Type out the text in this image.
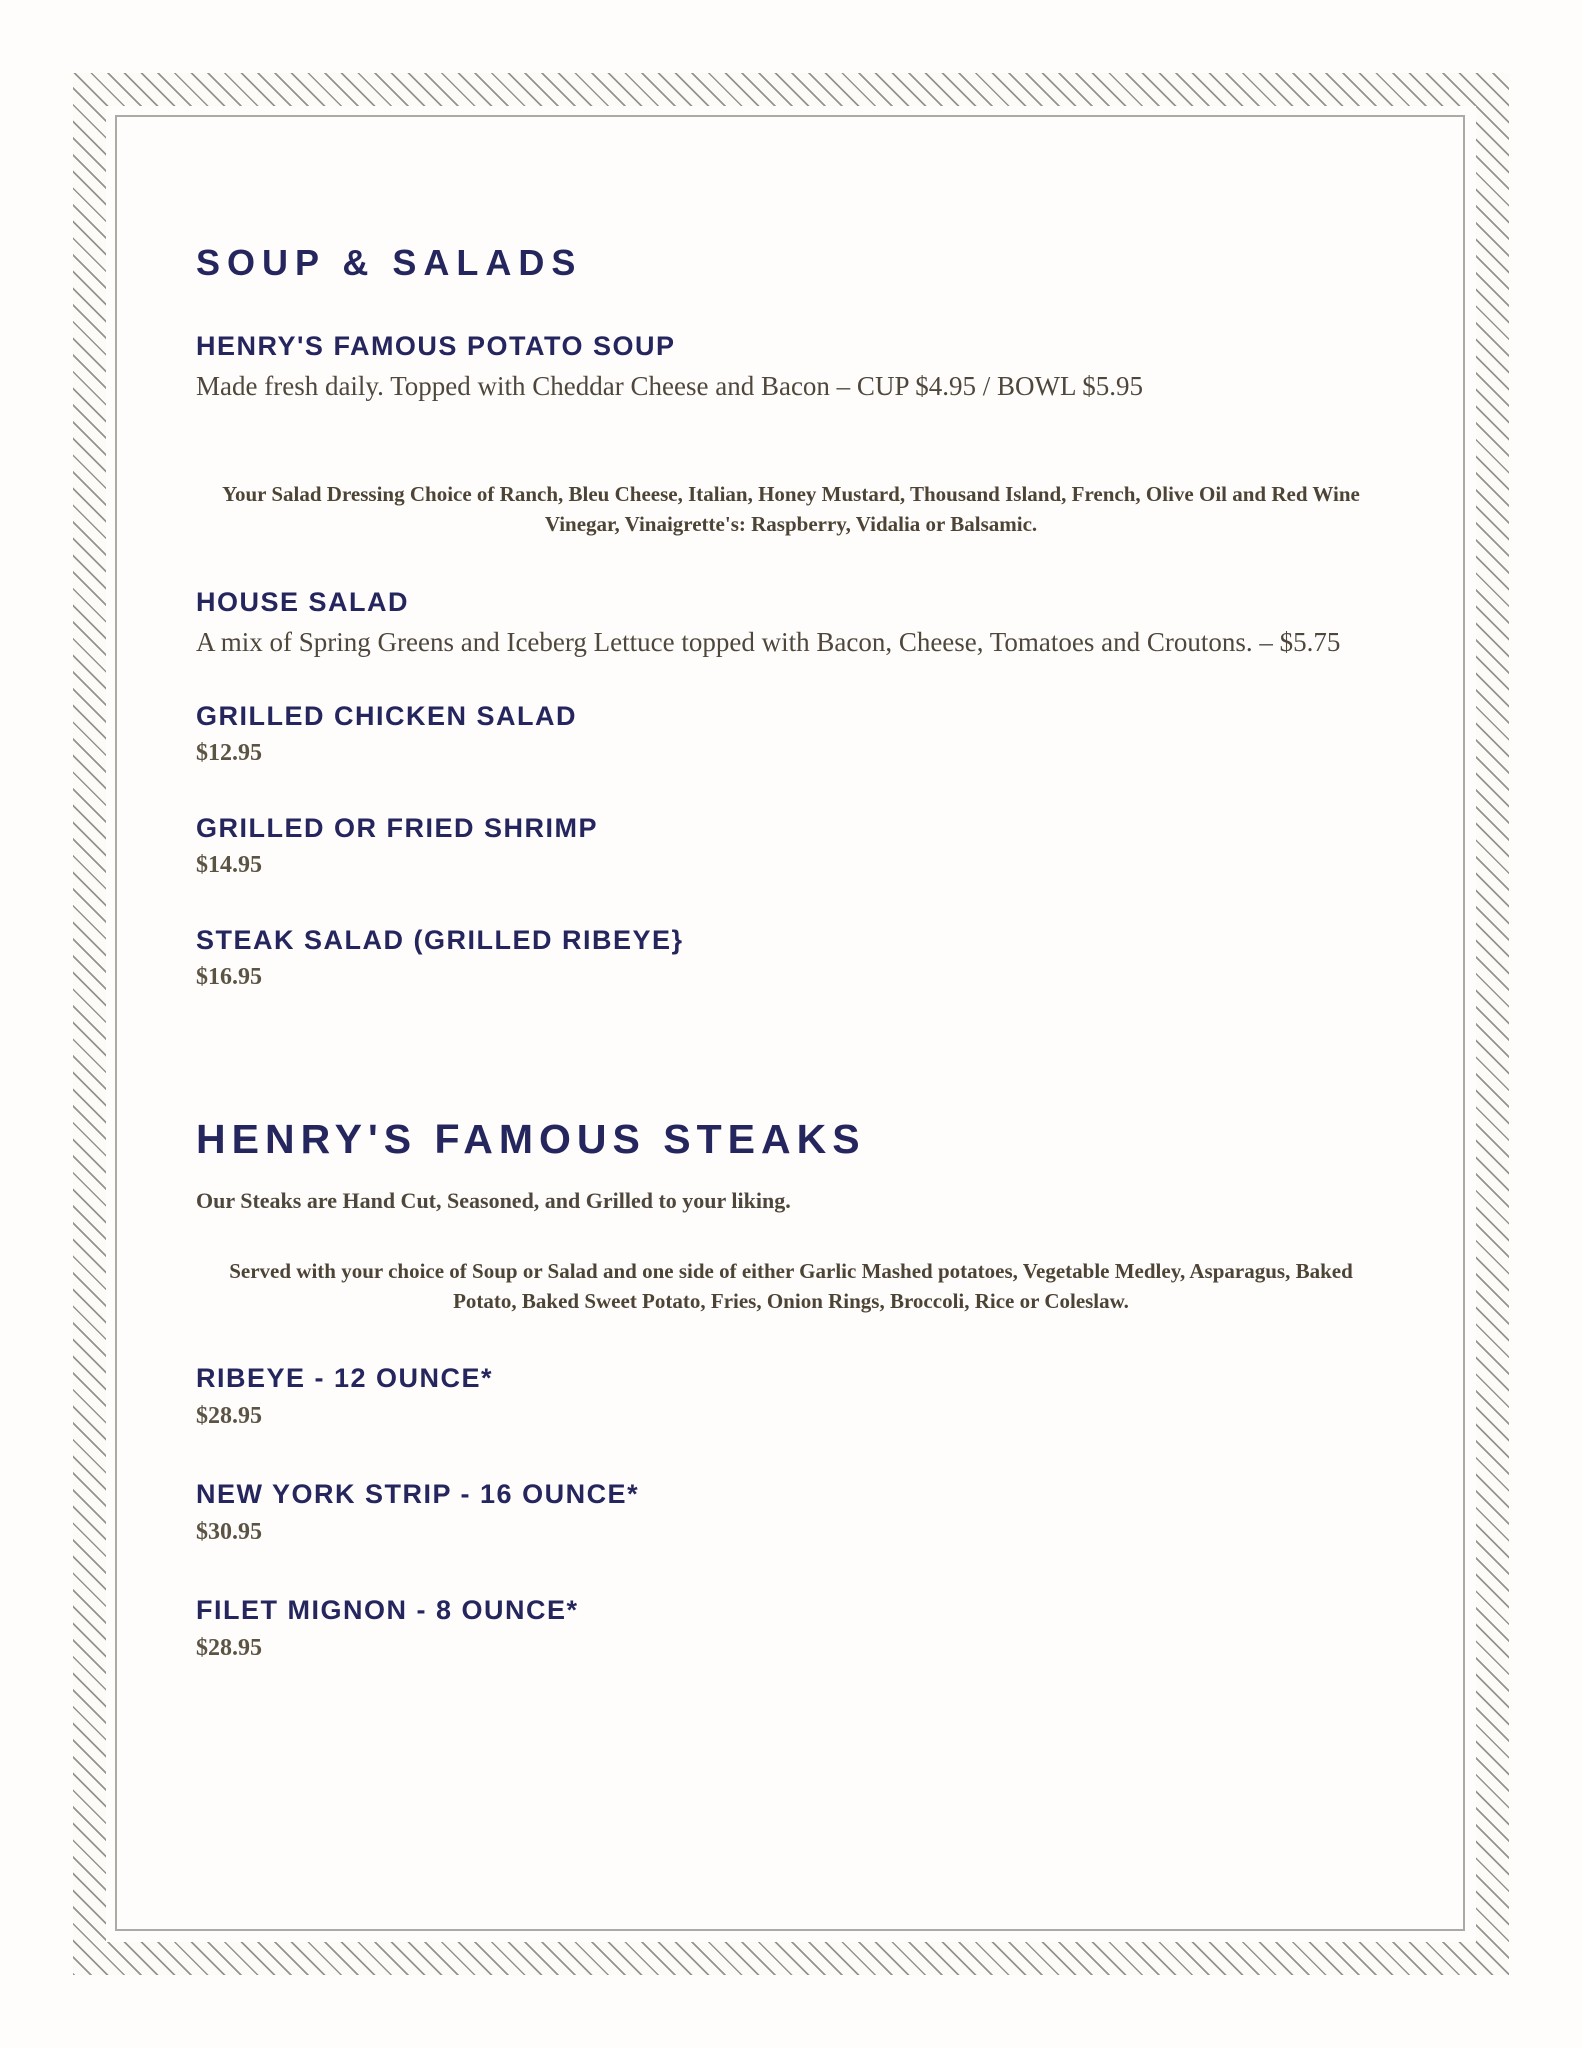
SOUP & SALADS
HENRY'S FAMOUS POTATO SOUP

Made fresh daily. Topped with Cheddar Cheese and Bacon – CUP $4.95 / BOWL $5.95

Your Salad Dressing Choice of Ranch, Bleu Cheese, Italian, Honey Mustard, Thousand Island, French, Olive Oil and Red Wine Vinegar, Vinaigrette's: Raspberry, Vidalia or Balsamic.

HOUSE SALAD

A mix of Spring Greens and Iceberg Lettuce topped with Bacon, Cheese, Tomatoes and Croutons. – $5.75

GRILLED CHICKEN SALAD

$12.95

GRILLED OR FRIED SHRIMP

$14.95

STEAK SALAD (GRILLED RIBEYE}

$16.95

HENRY'S FAMOUS STEAKS

Our Steaks are Hand Cut, Seasoned, and Grilled to your liking.

Served with your choice of Soup or Salad and one side of either Garlic Mashed potatoes, Vegetable Medley, Asparagus, Baked Potato, Baked Sweet Potato, Fries, Onion Rings, Broccoli, Rice or Coleslaw.

RIBEYE - 12 OUNCE*

$28.95

NEW YORK STRIP - 16 OUNCE*

$30.95

FILET MIGNON - 8 OUNCE*

$28.95
